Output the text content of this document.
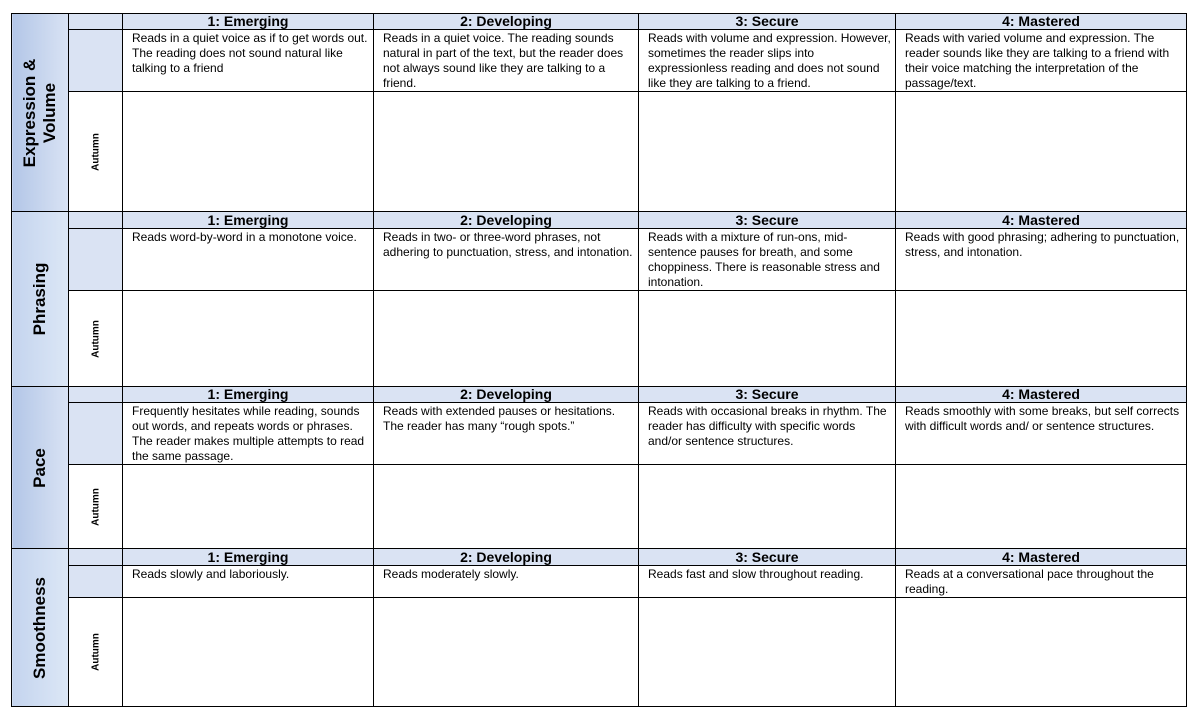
Expression &
Volume		1: Emerging	2: Developing	3: Secure	4: Mastered
		Reads in a quiet voice as if to get words out. The reading does not sound natural like talking to a friend	Reads in a quiet voice. The reading sounds natural in part of the text, but the reader does not always sound like they are talking to a friend.	Reads with volume and expression. However, sometimes the reader slips into expressionless reading and does not sound like they are talking to a friend.	Reads with varied volume and expression. The reader sounds like they are talking to a friend with their voice matching the interpretation of the passage/text.

	Autumn				

Phrasing		1: Emerging	2: Developing	3: Secure	4: Mastered
		Reads word-by-word in a monotone voice.	Reads in two- or three-word phrases, not adhering to punctuation, stress, and intonation.	Reads with a mixture of run-ons, mid-sentence pauses for breath, and some choppiness. There is reasonable stress and intonation.	Reads with good phrasing; adhering to punctuation, stress, and intonation.

	Autumn				

Pace		1: Emerging	2: Developing	3: Secure	4: Mastered
		Frequently hesitates while reading, sounds out words, and repeats words or phrases. The reader makes multiple attempts to read the same passage.	Reads with extended pauses or hesitations. The reader has many “rough spots.”	Reads with occasional breaks in rhythm. The reader has difficulty with specific words and/or sentence structures.	Reads smoothly with some breaks, but self corrects with difficult words and/ or sentence structures.

	Autumn				

Smoothness		1: Emerging	2: Developing	3: Secure	4: Mastered
		Reads slowly and laboriously.	Reads moderately slowly.	Reads fast and slow throughout reading.	Reads at a conversational pace throughout the reading.

	Autumn				
